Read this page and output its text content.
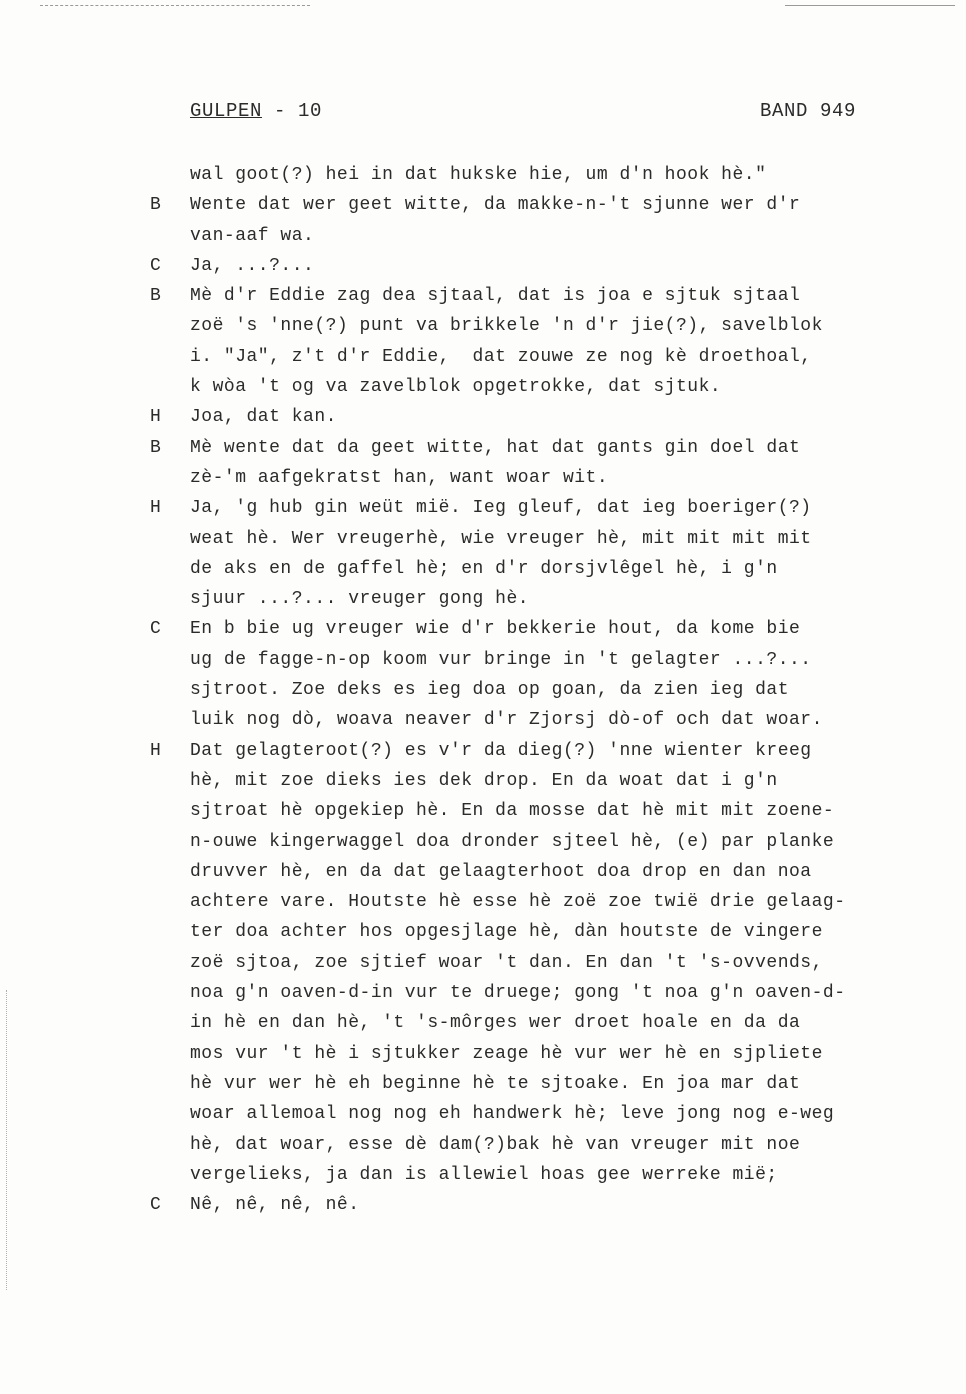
GULPEN - 10	BAND 949
wal goot(?) hei in dat hukske hie, um d'n hook hè."
B	Wente dat wer geet witte, da makke-n-'t sjunne wer d'r
van-aaf wa.
C	Ja, ...?...
B	Mè d'r Eddie zag dea sjtaal, dat is joa e sjtuk sjtaal
zoë 's 'nne(?) punt va brikkele 'n d'r jie(?), savelblok
i. "Ja", z't d'r Eddie,  dat zouwe ze nog kè droethoal,
k wòa 't og va zavelblok opgetrokke, dat sjtuk.
H	Joa, dat kan.
B	Mè wente dat da geet witte, hat dat gants gin doel dat
zè-'m aafgekratst han, want woar wit.
H	Ja, 'g hub gin weüt mië. Ieg gleuf, dat ieg boeriger(?)
weat hè. Wer vreugerhè, wie vreuger hè, mit mit mit mit
de aks en de gaffel hè; en d'r dorsjvlêgel hè, i g'n
sjuur ...?... vreuger gong hè.
C	En b bie ug vreuger wie d'r bekkerie hout, da kome bie
ug de fagge-n-op koom vur bringe in 't gelagter ...?...
sjtroot. Zoe deks es ieg doa op goan, da zien ieg dat
luik nog dò, woava neaver d'r Zjorsj dò-of och dat woar.
H	Dat gelagteroot(?) es v'r da dieg(?) 'nne wienter kreeg
hè, mit zoe dieks ies dek drop. En da woat dat i g'n
sjtroat hè opgekiep hè. En da mosse dat hè mit mit zoene-
n-ouwe kingerwaggel doa dronder sjteel hè, (e) par planke
druvver hè, en da dat gelaagterhoot doa drop en dan noa
achtere vare. Houtste hè esse hè zoë zoe twië drie gelaag-
ter doa achter hos opgesjlage hè, dàn houtste de vingere
zoë sjtoa, zoe sjtief woar 't dan. En dan 't 's-ovvends,
noa g'n oaven-d-in vur te druege; gong 't noa g'n oaven-d-
in hè en dan hè, 't 's-môrges wer droet hoale en da da
mos vur 't hè i sjtukker zeage hè vur wer hè en sjpliete
hè vur wer hè eh beginne hè te sjtoake. En joa mar dat
woar allemoal nog nog eh handwerk hè; leve jong nog e-weg
hè, dat woar, esse dè dam(?)bak hè van vreuger mit noe
vergelieks, ja dan is allewiel hoas gee werreke mië;
C	Nê, nê, nê, nê.
